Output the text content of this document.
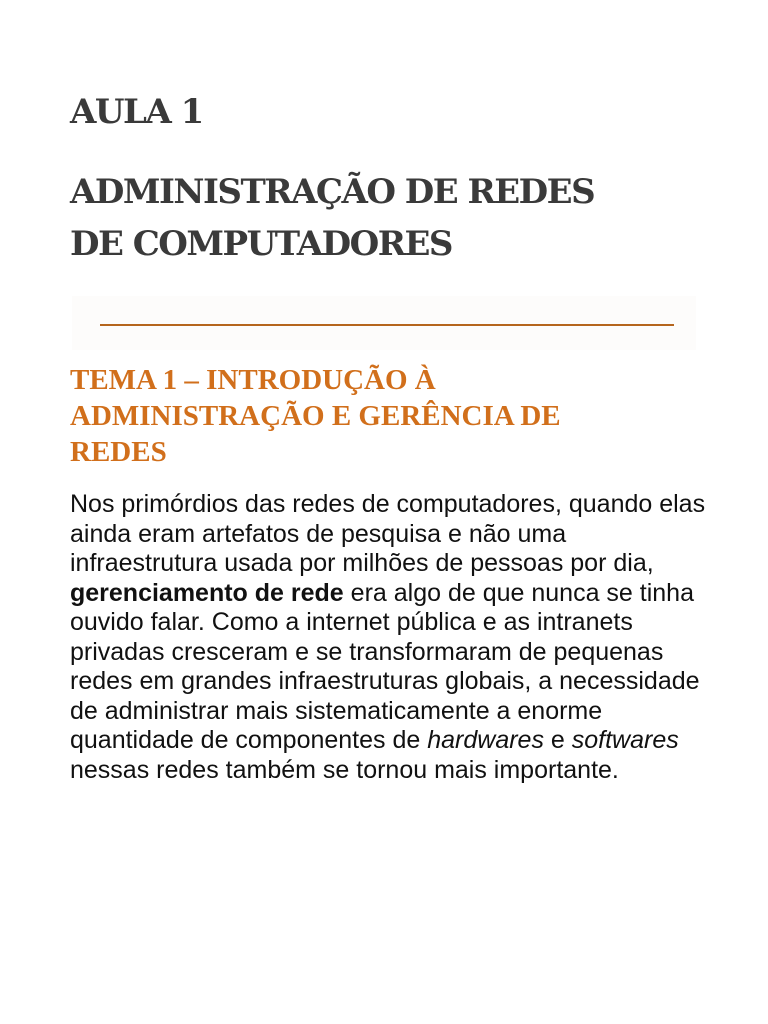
AULA 1
ADMINISTRAÇÃO DE REDES
DE COMPUTADORES
TEMA 1 – INTRODUÇÃO À
ADMINISTRAÇÃO E GERÊNCIA DE
REDES

Nos primórdios das redes de computadores, quando elas ainda eram artefatos de pesquisa e não uma infraestrutura usada por milhões de pessoas por dia, gerenciamento de rede era algo de que nunca se tinha ouvido falar. Como a internet pública e as intranets privadas cresceram e se transformaram de pequenas redes em grandes infraestruturas globais, a necessidade de administrar mais sistematicamente a enorme quantidade de componentes de hardwares e softwares nessas redes também se tornou mais importante.
